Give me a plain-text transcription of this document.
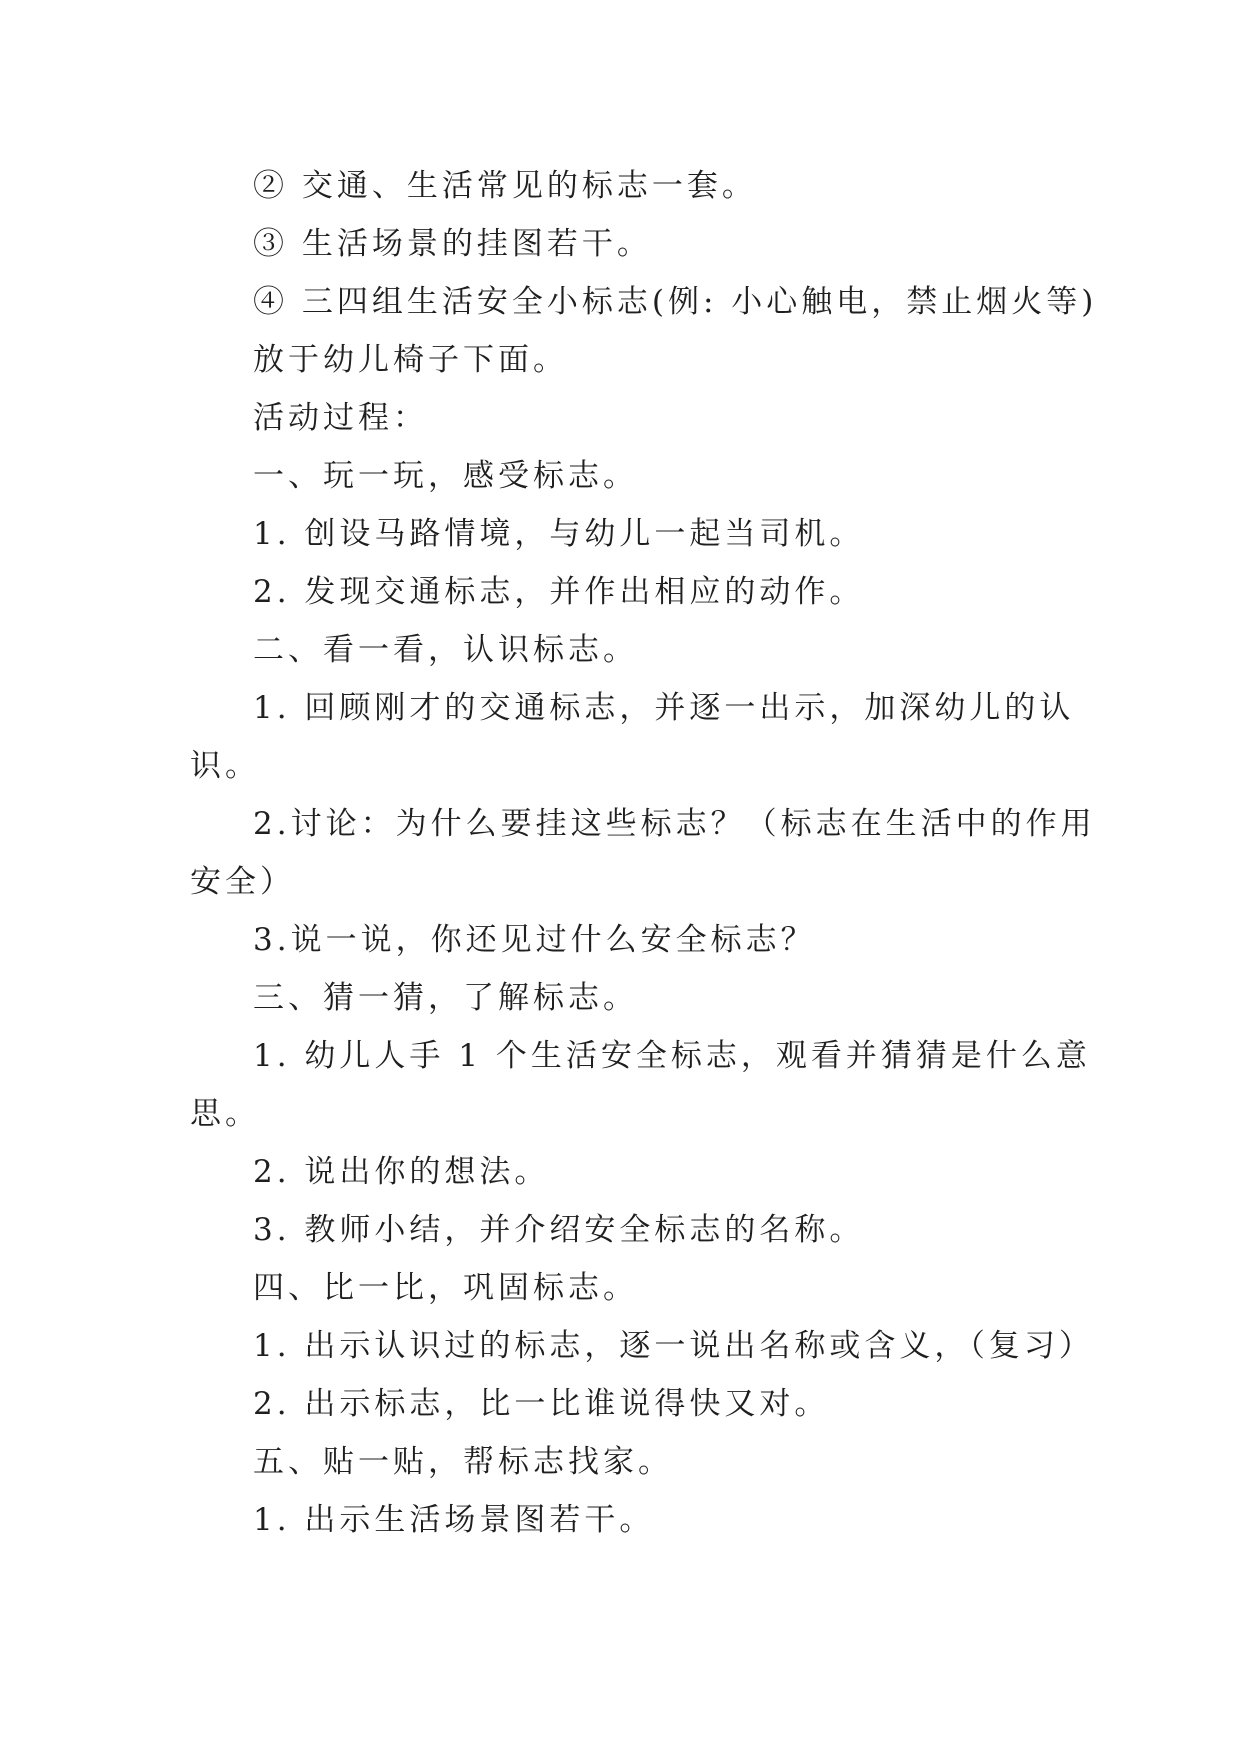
② 交通、生活常见的标志一套。
③ 生活场景的挂图若干。
④ 三四组生活安全小标志(例: 小心触电，禁止烟火等)
放于幼儿椅子下面。
活动过程：
一、玩一玩，感受标志。
1. 创设马路情境，与幼儿一起当司机。
2. 发现交通标志，并作出相应的动作。
二、看一看，认识标志。
1. 回顾刚才的交通标志，并逐一出示，加深幼儿的认
识。
2.讨论：为什么要挂这些标志？（标志在生活中的作用
安全）
3.说一说，你还见过什么安全标志？
三、猜一猜，了解标志。
1. 幼儿人手 1 个生活安全标志，观看并猜猜是什么意
思。
2. 说出你的想法。
3. 教师小结，并介绍安全标志的名称。
四、比一比，巩固标志。
1. 出示认识过的标志，逐一说出名称或含义，（复习）
2. 出示标志，比一比谁说得快又对。
五、贴一贴，帮标志找家。
1. 出示生活场景图若干。
